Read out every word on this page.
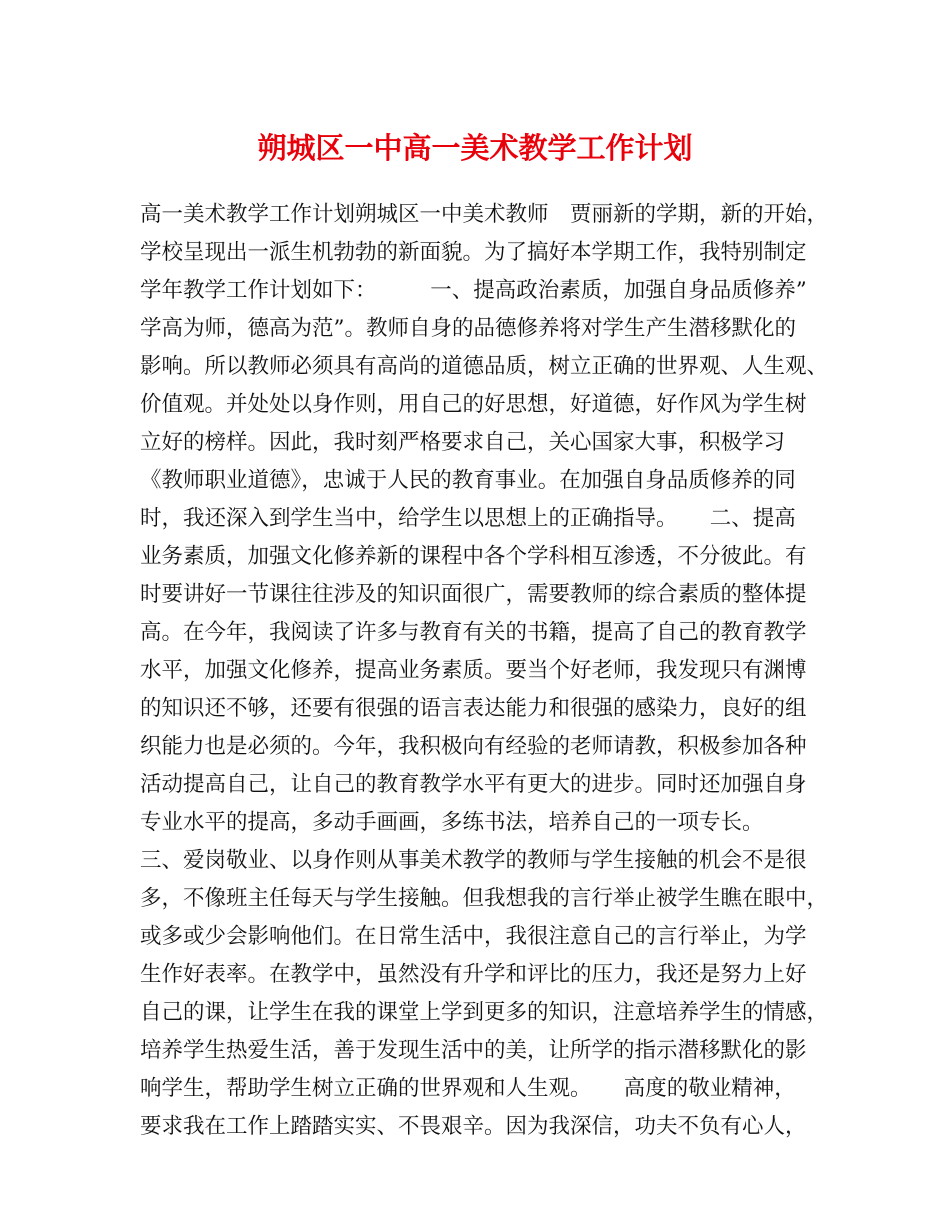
朔城区一中高一美术教学工作计划
高一美术教学工作计划朔城区一中美术教师　贾丽新的学期，新的开始，
学校呈现出一派生机勃勃的新面貌。为了搞好本学期工作，我特别制定
学年教学工作计划如下：　　　一、提高政治素质，加强自身品质修养”
学高为师，德高为范”。教师自身的品德修养将对学生产生潜移默化的
影响。所以教师必须具有高尚的道德品质，树立正确的世界观、人生观、
价值观。并处处以身作则，用自己的好思想，好道德，好作风为学生树
立好的榜样。因此，我时刻严格要求自己，关心国家大事，积极学习
《教师职业道德》，忠诚于人民的教育事业。在加强自身品质修养的同
时，我还深入到学生当中，给学生以思想上的正确指导。　　二、提高
业务素质，加强文化修养新的课程中各个学科相互渗透，不分彼此。有
时要讲好一节课往往涉及的知识面很广，需要教师的综合素质的整体提
高。在今年，我阅读了许多与教育有关的书籍，提高了自己的教育教学
水平，加强文化修养，提高业务素质。要当个好老师，我发现只有渊博
的知识还不够，还要有很强的语言表达能力和很强的感染力，良好的组
织能力也是必须的。今年，我积极向有经验的老师请教，积极参加各种
活动提高自己，让自己的教育教学水平有更大的进步。同时还加强自身
专业水平的提高，多动手画画，多练书法，培养自己的一项专长。
三、爱岗敬业、以身作则从事美术教学的教师与学生接触的机会不是很
多，不像班主任每天与学生接触。但我想我的言行举止被学生瞧在眼中，
或多或少会影响他们。在日常生活中，我很注意自己的言行举止，为学
生作好表率。在教学中，虽然没有升学和评比的压力，我还是努力上好
自己的课，让学生在我的课堂上学到更多的知识，注意培养学生的情感，
培养学生热爱生活，善于发现生活中的美，让所学的指示潜移默化的影
响学生，帮助学生树立正确的世界观和人生观。　　高度的敬业精神，
要求我在工作上踏踏实实、不畏艰辛。因为我深信，功夫不负有心人，
